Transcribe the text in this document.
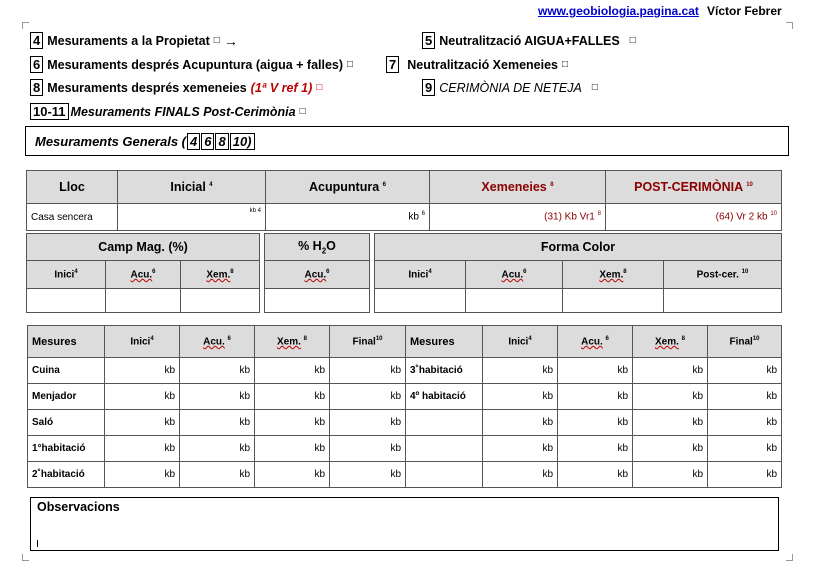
www.geobiologia.pagina.cat Víctor Febrer
4 Mesuraments a la Propietat □ →	5 Neutralització AIGUA+FALLES □
6 Mesuraments després Acupuntura (aigua + falles) □	7 Neutralització Xemeneies □
8 Mesuraments després xemeneies (1ª V ref 1) □	9 CERIMÒNIA DE NETEJA □
10-11 Mesuraments FINALS Post-Cerimònia □
Mesuraments Generals ( 4 6 8 10)
Lloc	Inicial $^4$	Acupuntura $^6$	Xemeneies $^8$	POST-CERIMÒNIA $^{10}$
Casa sencera	kb 4	kb $^6$	(31) Kb Vr1 $^8$	(64) Vr 2 kb $^{10}$
Camp Mag. (%)		
Inici$^4$	Acu.$^6$	Xem.$^8$

% $H_2O$
Acu.$^6$

Forma Color			
Inici$^4$	Acu.$^6$	Xem.$^8$	Post-cer. $^{10}$

Mesures	Inici$^4$	Acu. $^6$	Xem. $^8$	Final$^{10}$	Mesures	Inici$^4$	Acu. $^6$	Xem. $^8$	Final$^{10}$
Cuina	kb	kb	kb	kb	3˚habitació	kb	kb	kb	kb
Menjador	kb	kb	kb	kb	4º habitació	kb	kb	kb	kb
Saló	kb	kb	kb	kb		kb	kb	kb	kb
1°habitació	kb	kb	kb	kb		kb	kb	kb	kb
2˚habitació	kb	kb	kb	kb		kb	kb	kb	kb
Observacions
